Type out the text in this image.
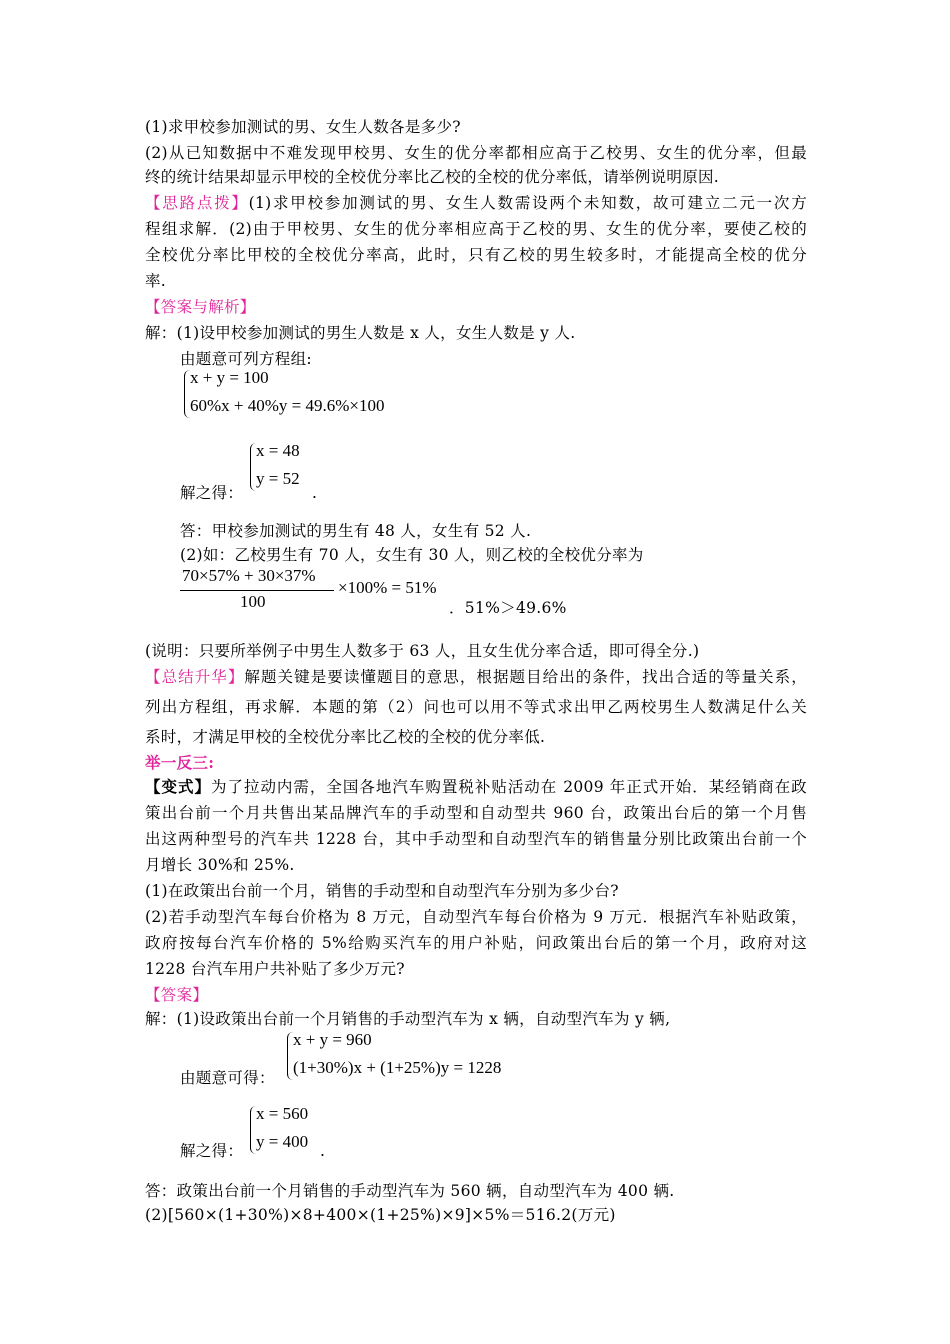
(1)求甲校参加测试的男、女生人数各是多少?
(2)从已知数据中不难发现甲校男、女生的优分率都相应高于乙校男、女生的优分率，但最
终的统计结果却显示甲校的全校优分率比乙校的全校的优分率低，请举例说明原因.
【思路点拨】(1)求甲校参加测试的男、女生人数需设两个未知数，故可建立二元一次方
程组求解．(2)由于甲校男、女生的优分率相应高于乙校的男、女生的优分率，要使乙校的
全校优分率比甲校的全校优分率高，此时，只有乙校的男生较多时，才能提高全校的优分
率.
【答案与解析】
解：(1)设甲校参加测试的男生人数是 x 人，女生人数是 y 人.
由题意可列方程组:
x + y = 100
60%x + 40%y = 49.6%×100
解之得：
x = 48
y = 52
.
答：甲校参加测试的男生有 48 人，女生有 52 人.
(2)如：乙校男生有 70 人，女生有 30 人，则乙校的全校优分率为
70×57% + 30×37%
100
×100% = 51%
．51%＞49.6%
(说明：只要所举例子中男生人数多于 63 人，且女生优分率合适，即可得全分.)
【总结升华】解题关键是要读懂题目的意思，根据题目给出的条件，找出合适的等量关系，
列出方程组，再求解．本题的第（2）问也可以用不等式求出甲乙两校男生人数满足什么关
系时，才满足甲校的全校优分率比乙校的全校的优分率低.
举一反三:
【变式】为了拉动内需，全国各地汽车购置税补贴活动在 2009 年正式开始．某经销商在政
策出台前一个月共售出某品牌汽车的手动型和自动型共 960 台，政策出台后的第一个月售
出这两种型号的汽车共 1228 台，其中手动型和自动型汽车的销售量分别比政策出台前一个
月增长 30%和 25%.
(1)在政策出台前一个月，销售的手动型和自动型汽车分别为多少台?
(2)若手动型汽车每台价格为 8 万元，自动型汽车每台价格为 9 万元．根据汽车补贴政策，
政府按每台汽车价格的 5%给购买汽车的用户补贴，问政策出台后的第一个月，政府对这
1228 台汽车用户共补贴了多少万元?
【答案】
解：(1)设政策出台前一个月销售的手动型汽车为 x 辆，自动型汽车为 y 辆,
由题意可得：
x + y = 960
(1+30%)x + (1+25%)y = 1228
解之得：
x = 560
y = 400 .
答：政策出台前一个月销售的手动型汽车为 560 辆，自动型汽车为 400 辆.
(2)[560×(1+30%)×8+400×(1+25%)×9]×5%＝516.2(万元)
